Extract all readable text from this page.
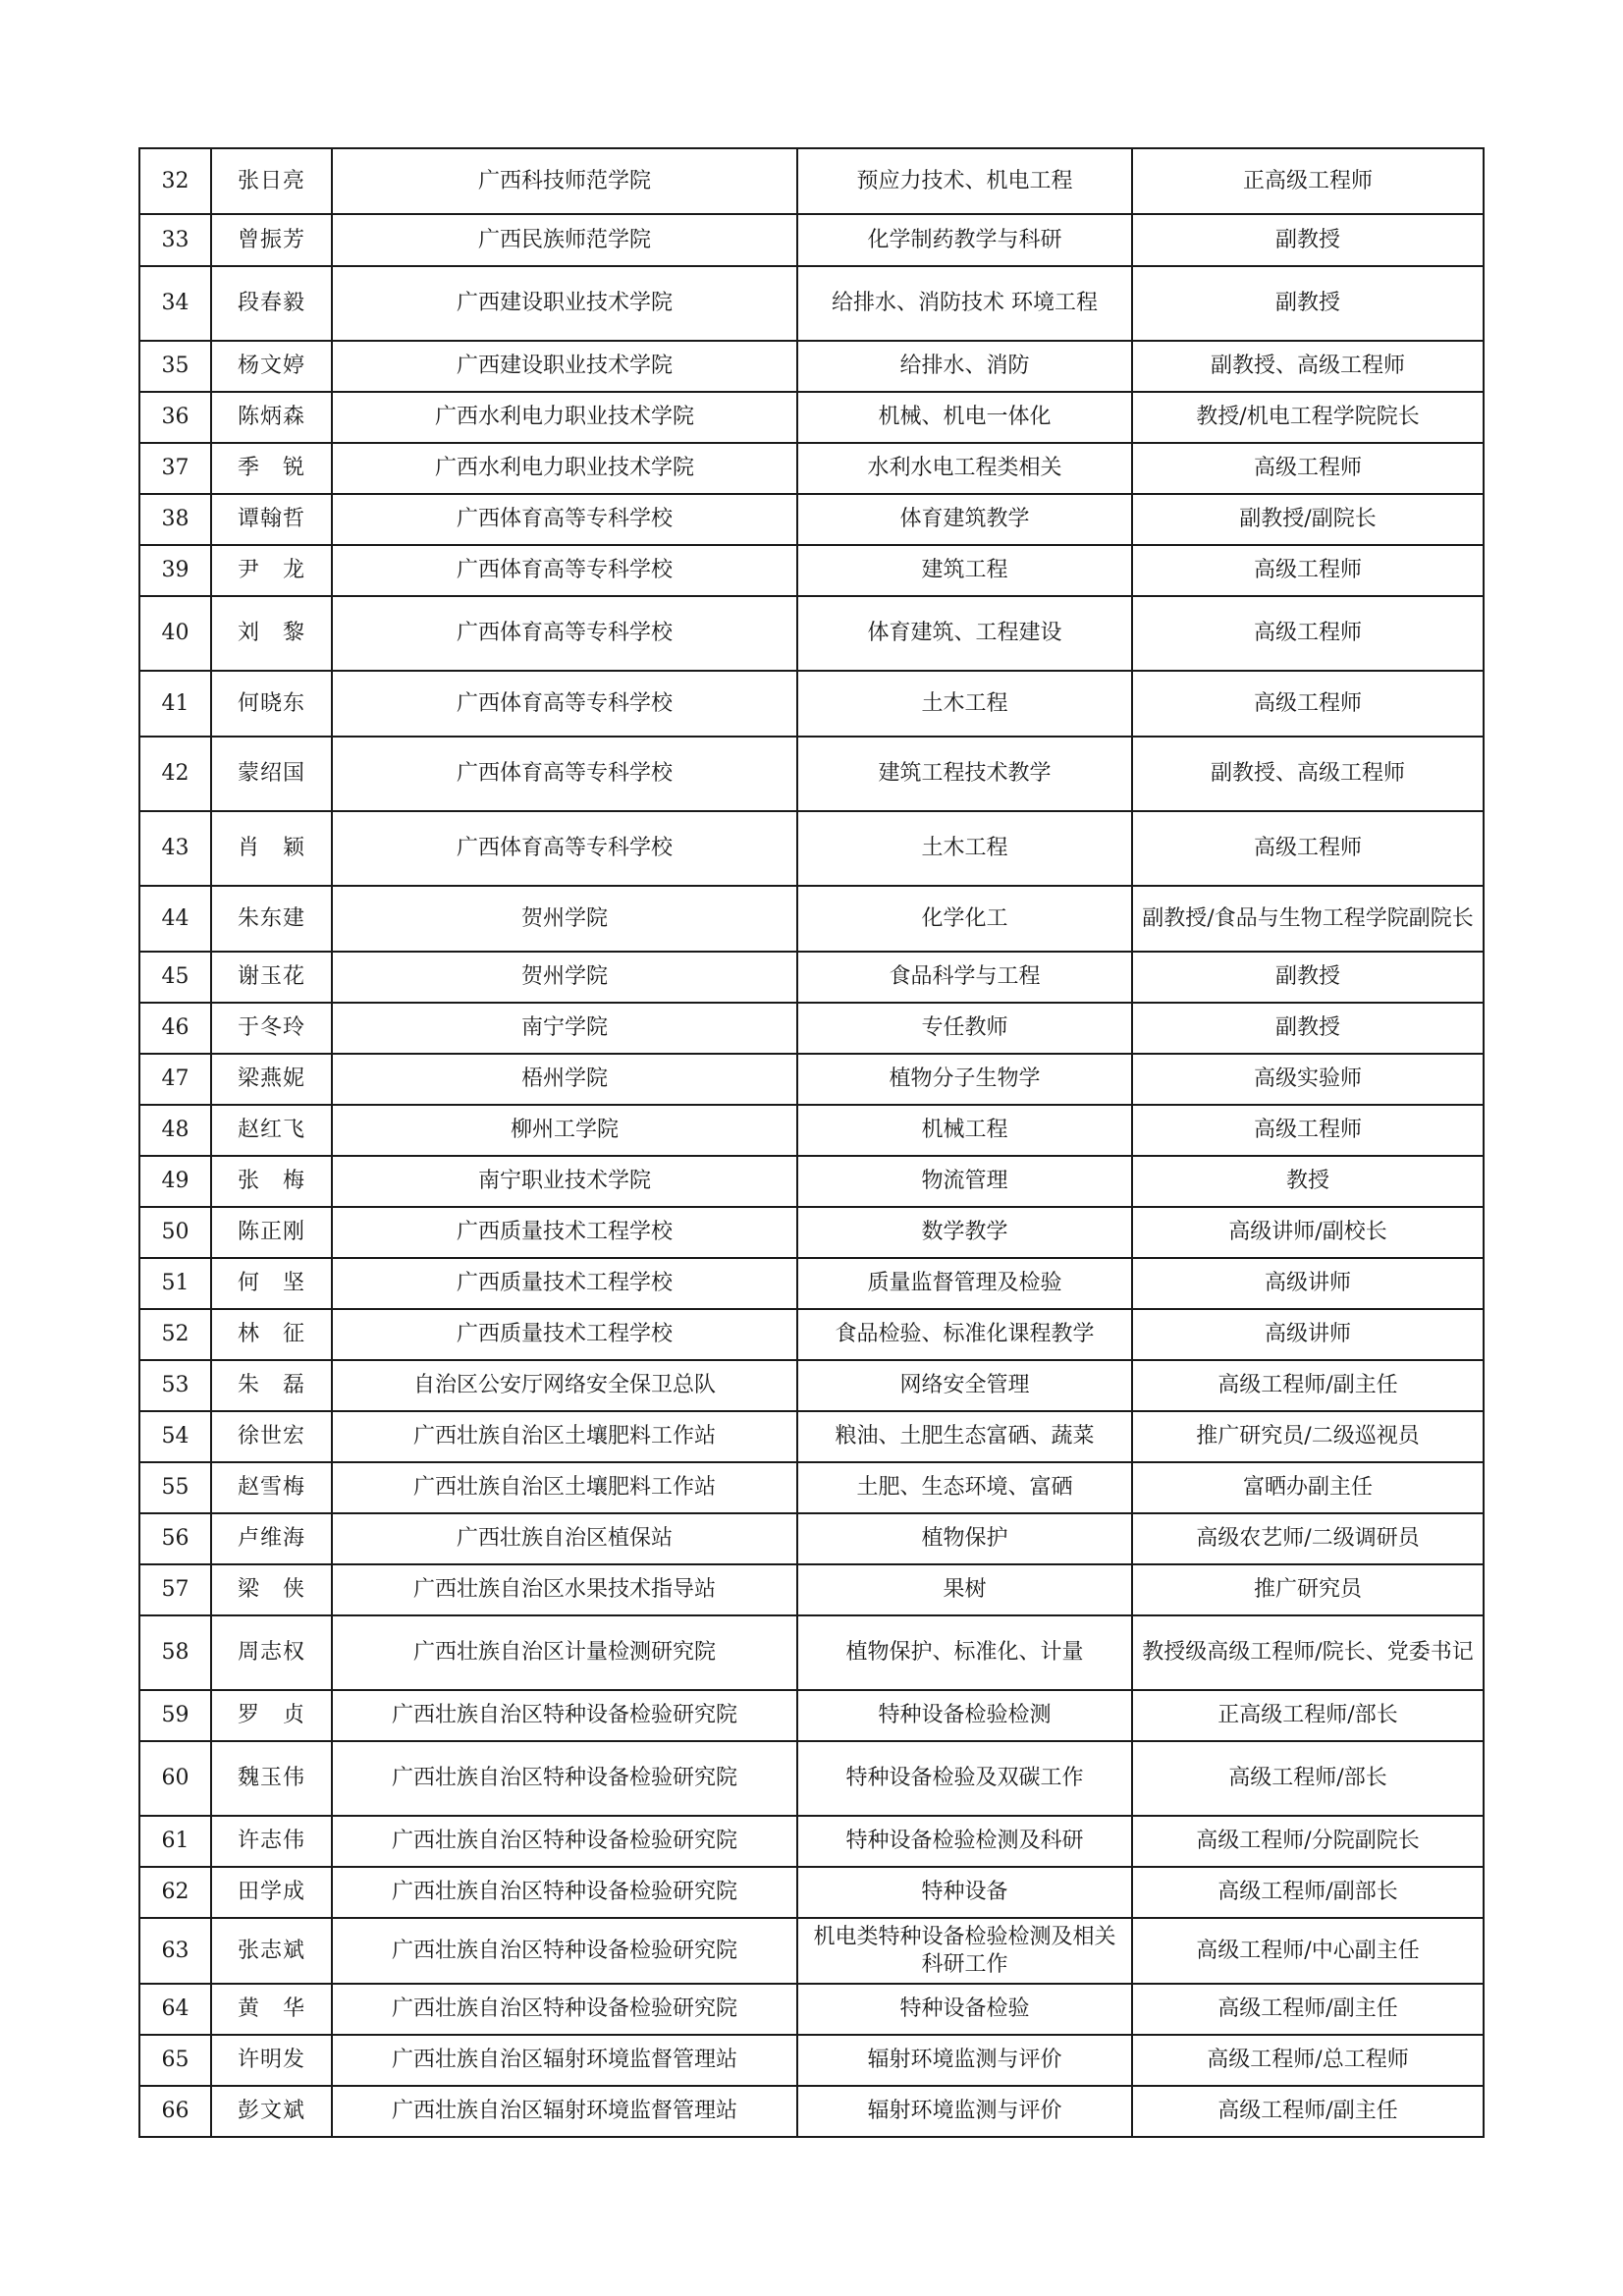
32	张日亮	广西科技师范学院	预应力技术、机电工程	正高级工程师
33	曾振芳	广西民族师范学院	化学制药教学与科研	副教授
34	段春毅	广西建设职业技术学院	给排水、消防技术 环境工程	副教授
35	杨文婷	广西建设职业技术学院	给排水、消防	副教授、高级工程师
36	陈炳森	广西水利电力职业技术学院	机械、机电一体化	教授/机电工程学院院长
37	季　锐	广西水利电力职业技术学院	水利水电工程类相关	高级工程师
38	谭翰哲	广西体育高等专科学校	体育建筑教学	副教授/副院长
39	尹　龙	广西体育高等专科学校	建筑工程	高级工程师
40	刘　黎	广西体育高等专科学校	体育建筑、工程建设	高级工程师
41	何晓东	广西体育高等专科学校	土木工程	高级工程师
42	蒙绍国	广西体育高等专科学校	建筑工程技术教学	副教授、高级工程师
43	肖　颖	广西体育高等专科学校	土木工程	高级工程师
44	朱东建	贺州学院	化学化工	副教授/食品与生物工程学院副院长
45	谢玉花	贺州学院	食品科学与工程	副教授
46	于冬玲	南宁学院	专任教师	副教授
47	梁燕妮	梧州学院	植物分子生物学	高级实验师
48	赵红飞	柳州工学院	机械工程	高级工程师
49	张　梅	南宁职业技术学院	物流管理	教授
50	陈正刚	广西质量技术工程学校	数学教学	高级讲师/副校长
51	何　坚	广西质量技术工程学校	质量监督管理及检验	高级讲师
52	林　征	广西质量技术工程学校	食品检验、标准化课程教学	高级讲师
53	朱　磊	自治区公安厅网络安全保卫总队	网络安全管理	高级工程师/副主任
54	徐世宏	广西壮族自治区土壤肥料工作站	粮油、土肥生态富硒、蔬菜	推广研究员/二级巡视员
55	赵雪梅	广西壮族自治区土壤肥料工作站	土肥、生态环境、富硒	富晒办副主任
56	卢维海	广西壮族自治区植保站	植物保护	高级农艺师/二级调研员
57	梁　侠	广西壮族自治区水果技术指导站	果树	推广研究员
58	周志权	广西壮族自治区计量检测研究院	植物保护、标准化、计量	教授级高级工程师/院长、党委书记
59	罗　贞	广西壮族自治区特种设备检验研究院	特种设备检验检测	正高级工程师/部长
60	魏玉伟	广西壮族自治区特种设备检验研究院	特种设备检验及双碳工作	高级工程师/部长
61	许志伟	广西壮族自治区特种设备检验研究院	特种设备检验检测及科研	高级工程师/分院副院长
62	田学成	广西壮族自治区特种设备检验研究院	特种设备	高级工程师/副部长
63	张志斌	广西壮族自治区特种设备检验研究院	机电类特种设备检验检测及相关科研工作	高级工程师/中心副主任
64	黄　华	广西壮族自治区特种设备检验研究院	特种设备检验	高级工程师/副主任
65	许明发	广西壮族自治区辐射环境监督管理站	辐射环境监测与评价	高级工程师/总工程师
66	彭文斌	广西壮族自治区辐射环境监督管理站	辐射环境监测与评价	高级工程师/副主任
